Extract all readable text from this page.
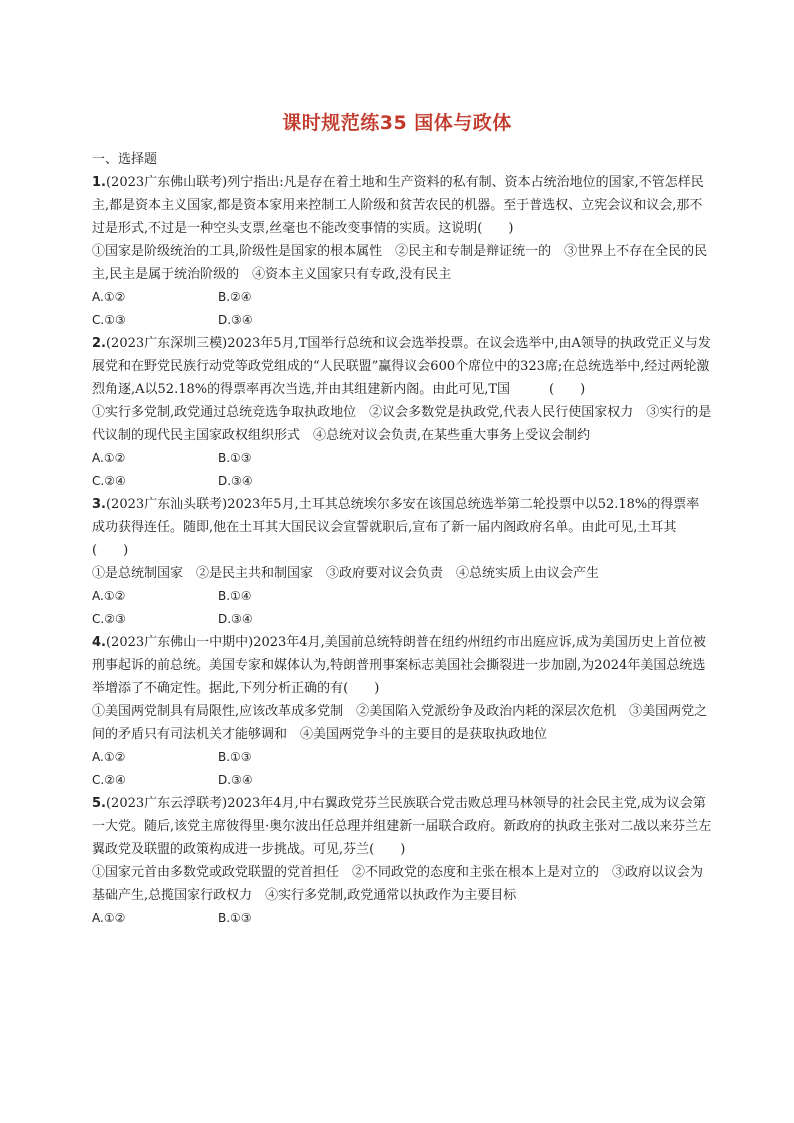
课时规范练35 国体与政体

一、选择题

1.(2023广东佛山联考)列宁指出:凡是存在着土地和生产资料的私有制、资本占统治地位的国家,不管怎样民主,都是资本主义国家,都是资本家用来控制工人阶级和贫苦农民的机器。至于普选权、立宪会议和议会,那不过是形式,不过是一种空头支票,丝毫也不能改变事情的实质。这说明(　　)

①国家是阶级统治的工具,阶级性是国家的根本属性　②民主和专制是辩证统一的　③世界上不存在全民的民主,民主是属于统治阶级的　④资本主义国家只有专政,没有民主

A.①②	B.②④
C.①③	D.③④

2.(2023广东深圳三模)2023年5月,T国举行总统和议会选举投票。在议会选举中,由A领导的执政党正义与发展党和在野党民族行动党等政党组成的“人民联盟”赢得议会600个席位中的323席;在总统选举中,经过两轮激烈角逐,A以52.18%的得票率再次当选,并由其组建新内阁。由此可见,T国　　　(　　)

①实行多党制,政党通过总统竞选争取执政地位　②议会多数党是执政党,代表人民行使国家权力　③实行的是代议制的现代民主国家政权组织形式　④总统对议会负责,在某些重大事务上受议会制约

A.①②	B.①③
C.②④	D.③④

3.(2023广东汕头联考)2023年5月,土耳其总统埃尔多安在该国总统选举第二轮投票中以52.18%的得票率成功获得连任。随即,他在土耳其大国民议会宣誓就职后,宣布了新一届内阁政府名单。由此可见,土耳其(　　)

①是总统制国家　②是民主共和制国家　③政府要对议会负责　④总统实质上由议会产生

A.①②	B.①④
C.②③	D.③④

4.(2023广东佛山一中期中)2023年4月,美国前总统特朗普在纽约州纽约市出庭应诉,成为美国历史上首位被刑事起诉的前总统。美国专家和媒体认为,特朗普刑事案标志美国社会撕裂进一步加剧,为2024年美国总统选举增添了不确定性。据此,下列分析正确的有(　　)

①美国两党制具有局限性,应该改革成多党制　②美国陷入党派纷争及政治内耗的深层次危机　③美国两党之间的矛盾只有司法机关才能够调和　④美国两党争斗的主要目的是获取执政地位

A.①②	B.①③
C.②④	D.③④

5.(2023广东云浮联考)2023年4月,中右翼政党芬兰民族联合党击败总理马林领导的社会民主党,成为议会第一大党。随后,该党主席彼得里·奥尔波出任总理并组建新一届联合政府。新政府的执政主张对二战以来芬兰左翼政党及联盟的政策构成进一步挑战。可见,芬兰(　　)

①国家元首由多数党或政党联盟的党首担任　②不同政党的态度和主张在根本上是对立的　③政府以议会为基础产生,总揽国家行政权力　④实行多党制,政党通常以执政作为主要目标

A.①②	B.①③
